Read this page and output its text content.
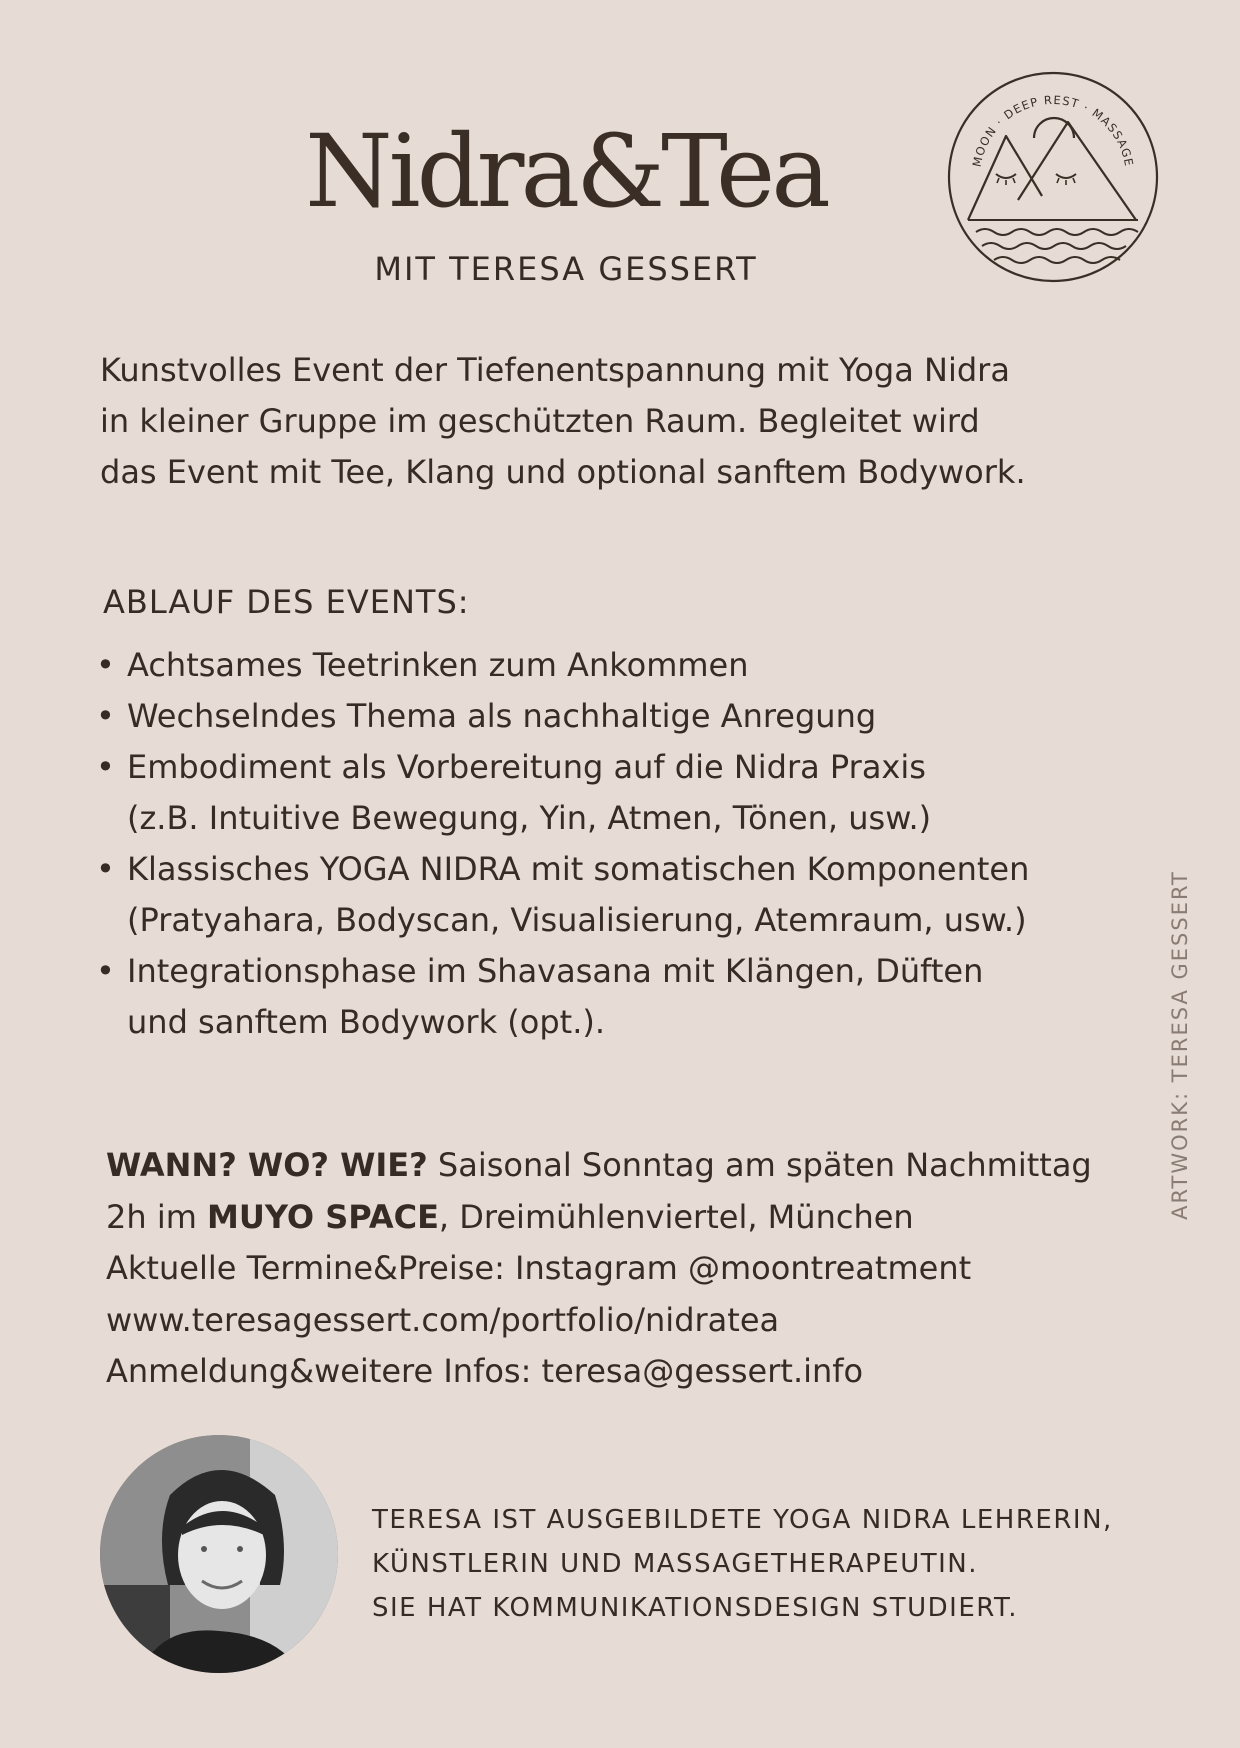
Nidra&Tea
MIT TERESA GESSERT
MOON · DEEP REST · MASSAGE
Kunstvolles Event der Tiefenentspannung mit Yoga Nidra
in kleiner Gruppe im geschützten Raum. Begleitet wird
das Event mit Tee, Klang und optional sanftem Bodywork.
ABLAUF DES EVENTS:
• Achtsames Teetrinken zum Ankommen
• Wechselndes Thema als nachhaltige Anregung
• Embodiment als Vorbereitung auf die Nidra Praxis
(z.B. Intuitive Bewegung, Yin, Atmen, Tönen, usw.)
• Klassisches YOGA NIDRA mit somatischen Komponenten
(Pratyahara, Bodyscan, Visualisierung, Atemraum, usw.)
• Integrationsphase im Shavasana mit Klängen, Düften
und sanftem Bodywork (opt.).
WANN? WO? WIE? Saisonal Sonntag am späten Nachmittag
2h im MUYO SPACE, Dreimühlenviertel, München
Aktuelle Termine&Preise: Instagram @moontreatment
www.teresagessert.com/portfolio/nidratea
Anmeldung&weitere Infos: teresa@gessert.info
ARTWORK: TERESA GESSERT
TERESA IST AUSGEBILDETE YOGA NIDRA LEHRERIN,
KÜNSTLERIN UND MASSAGETHERAPEUTIN.
SIE HAT KOMMUNIKATIONSDESIGN STUDIERT.
